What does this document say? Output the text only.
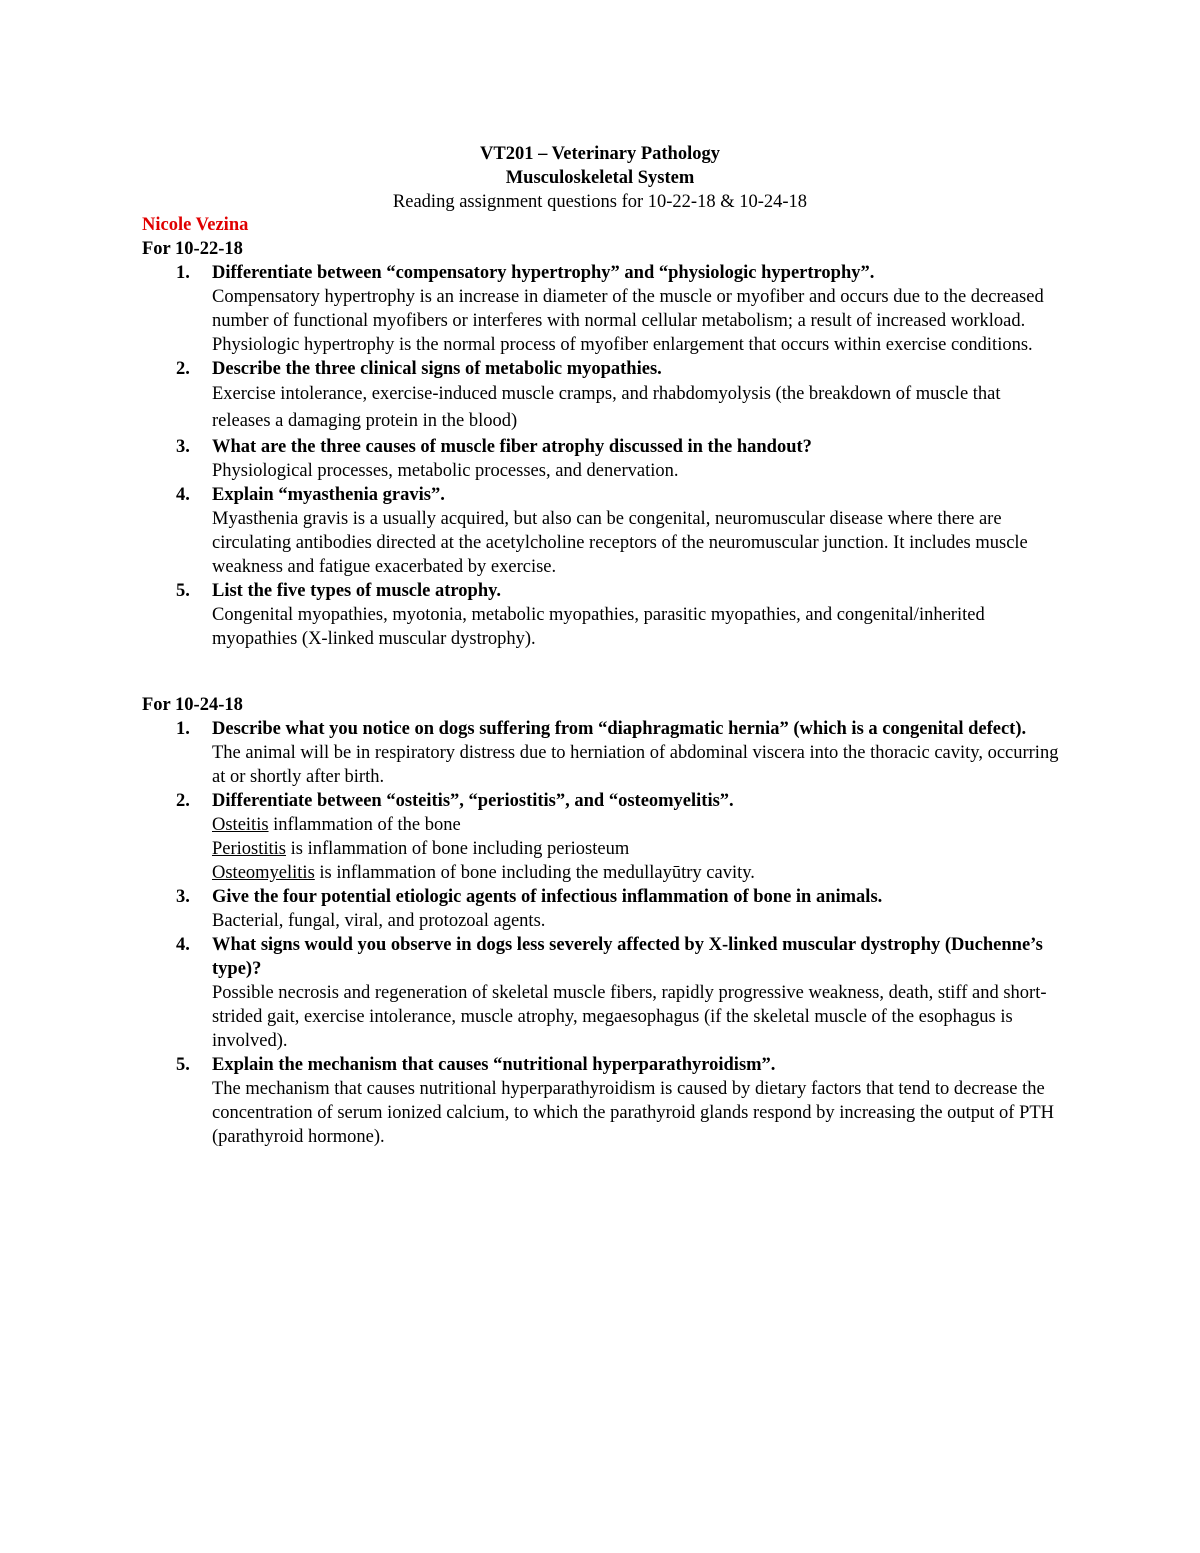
VT201 – Veterinary Pathology
Musculoskeletal System
Reading assignment questions for 10-22-18 & 10-24-18
Nicole Vezina
For 10-22-18
1. Differentiate between “compensatory hypertrophy” and “physiologic hypertrophy”.
Compensatory hypertrophy is an increase in diameter of the muscle or myofiber and occurs due to the decreased number of functional myofibers or interferes with normal cellular metabolism; a result of increased workload. Physiologic hypertrophy is the normal process of myofiber enlargement that occurs within exercise conditions.
2. Describe the three clinical signs of metabolic myopathies.
Exercise intolerance, exercise-induced muscle cramps, and rhabdomyolysis (the breakdown of muscle that releases a damaging protein in the blood)
3. What are the three causes of muscle fiber atrophy discussed in the handout?
Physiological processes, metabolic processes, and denervation.
4. Explain “myasthenia gravis”.
Myasthenia gravis is a usually acquired, but also can be congenital, neuromuscular disease where there are circulating antibodies directed at the acetylcholine receptors of the neuromuscular junction. It includes muscle weakness and fatigue exacerbated by exercise.
5. List the five types of muscle atrophy.
Congenital myopathies, myotonia, metabolic myopathies, parasitic myopathies, and congenital/inherited myopathies (X-linked muscular dystrophy).
For 10-24-18
1. Describe what you notice on dogs suffering from “diaphragmatic hernia” (which is a congenital defect).
The animal will be in respiratory distress due to herniation of abdominal viscera into the thoracic cavity, occurring at or shortly after birth.
2. Differentiate between “osteitis”, “periostitis”, and “osteomyelitis”.
Osteitis inflammation of the bone
Periostitis is inflammation of bone including periosteum
Osteomyelitis is inflammation of bone including the medullayūtry cavity.
3. Give the four potential etiologic agents of infectious inflammation of bone in animals.
Bacterial, fungal, viral, and protozoal agents.
4. What signs would you observe in dogs less severely affected by X-linked muscular dystrophy (Duchenne’s type)?
Possible necrosis and regeneration of skeletal muscle fibers, rapidly progressive weakness, death, stiff and short-strided gait, exercise intolerance, muscle atrophy, megaesophagus (if the skeletal muscle of the esophagus is involved).
5. Explain the mechanism that causes “nutritional hyperparathyroidism”.
The mechanism that causes nutritional hyperparathyroidism is caused by dietary factors that tend to decrease the concentration of serum ionized calcium, to which the parathyroid glands respond by increasing the output of PTH (parathyroid hormone).
